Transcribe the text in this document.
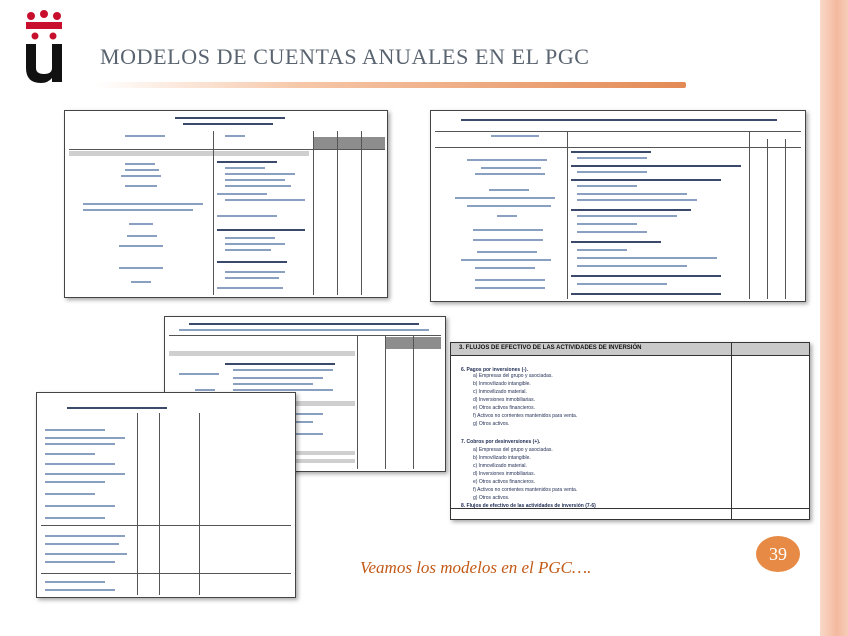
MODELOS DE CUENTAS ANUALES EN EL PGC
3. FLUJOS DE EFECTIVO DE LAS ACTIVIDADES DE INVERSIÓN
6. Pagos por inversiones (-).
a) Empresas del grupo y asociadas.
b) Inmovilizado intangible.
c) Inmovilizado material.
d) Inversiones inmobiliarias.
e) Otros activos financieros.
f) Activos no corrientes mantenidos para venta.
g) Otros activos.
7. Cobros por desinversiones (+).
a) Empresas del grupo y asociadas.
b) Inmovilizado intangible.
c) Inmovilizado material.
d) Inversiones inmobiliarias.
e) Otros activos financieros.
f) Activos no corrientes mantenidos para venta.
g) Otros activos.
8. Flujos de efectivo de las actividades de inversión (7-6)
Veamos los modelos en el PGC….
39
